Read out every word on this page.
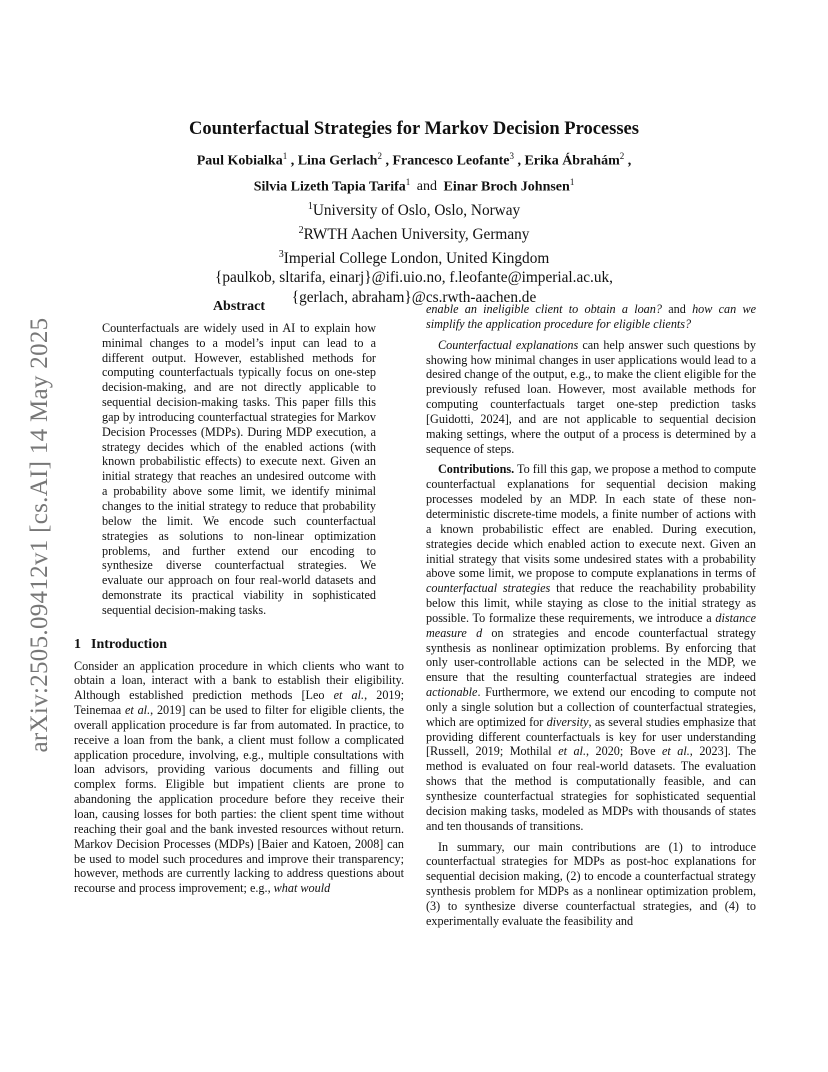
arXiv:2505.09412v1 [cs.AI] 14 May 2025
Counterfactual Strategies for Markov Decision Processes
Paul Kobialka$^1$ , Lina Gerlach$^2$ , Francesco Leofante$^3$ , Erika Ábrahám$^2$ ,
Silvia Lizeth Tapia Tarifa$^1$ and Einar Broch Johnsen$^1$
$^1$University of Oslo, Oslo, Norway
$^2$RWTH Aachen University, Germany
$^3$Imperial College London, United Kingdom
{paulkob, sltarifa, einarj}@ifi.uio.no, f.leofante@imperial.ac.uk,
{gerlach, abraham}@cs.rwth-aachen.de
Abstract

Counterfactuals are widely used in AI to explain how minimal changes to a model’s input can lead to a different output. However, established methods for computing counterfactuals typically focus on one-step decision-making, and are not directly applicable to sequential decision-making tasks. This paper fills this gap by introducing counterfactual strategies for Markov Decision Processes (MDPs). During MDP execution, a strategy decides which of the enabled actions (with known probabilistic effects) to execute next. Given an initial strategy that reaches an undesired outcome with a probability above some limit, we identify minimal changes to the initial strategy to reduce that probability below the limit. We encode such counterfactual strategies as solutions to non-linear optimization problems, and further extend our encoding to synthesize diverse counterfactual strategies. We evaluate our approach on four real-world datasets and demonstrate its practical viability in sophisticated sequential decision-making tasks.

1 Introduction

Consider an application procedure in which clients who want to obtain a loan, interact with a bank to establish their eligibility. Although established prediction methods [Leo et al., 2019; Teinemaa et al., 2019] can be used to filter for eligible clients, the overall application procedure is far from automated. In practice, to receive a loan from the bank, a client must follow a complicated application procedure, involving, e.g., multiple consultations with loan advisors, providing various documents and filling out complex forms. Eligible but impatient clients are prone to abandoning the application procedure before they receive their loan, causing losses for both parties: the client spent time without reaching their goal and the bank invested resources without return. Markov Decision Processes (MDPs) [Baier and Katoen, 2008] can be used to model such procedures and improve their transparency; however, methods are currently lacking to address questions about recourse and process improvement; e.g., what would

enable an ineligible client to obtain a loan? and how can we simplify the application procedure for eligible clients?

Counterfactual explanations can help answer such questions by showing how minimal changes in user applications would lead to a desired change of the output, e.g., to make the client eligible for the previously refused loan. However, most available methods for computing counterfactuals target one-step prediction tasks [Guidotti, 2024], and are not applicable to sequential decision making settings, where the output of a process is determined by a sequence of steps.

Contributions. To fill this gap, we propose a method to compute counterfactual explanations for sequential decision making processes modeled by an MDP. In each state of these non-deterministic discrete-time models, a finite number of actions with a known probabilistic effect are enabled. During execution, strategies decide which enabled action to execute next. Given an initial strategy that visits some undesired states with a probability above some limit, we propose to compute explanations in terms of counterfactual strategies that reduce the reachability probability below this limit, while staying as close to the initial strategy as possible. To formalize these requirements, we introduce a distance measure d on strategies and encode counterfactual strategy synthesis as nonlinear optimization problems. By enforcing that only user-controllable actions can be selected in the MDP, we ensure that the resulting counterfactual strategies are indeed actionable. Furthermore, we extend our encoding to compute not only a single solution but a collection of counterfactual strategies, which are optimized for diversity, as several studies emphasize that providing different counterfactuals is key for user understanding [Russell, 2019; Mothilal et al., 2020; Bove et al., 2023]. The method is evaluated on four real-world datasets. The evaluation shows that the method is computationally feasible, and can synthesize counterfactual strategies for sophisticated sequential decision making tasks, modeled as MDPs with thousands of states and ten thousands of transitions.

In summary, our main contributions are (1) to introduce counterfactual strategies for MDPs as post-hoc explanations for sequential decision making, (2) to encode a counterfactual strategy synthesis problem for MDPs as a nonlinear optimization problem, (3) to synthesize diverse counterfactual strategies, and (4) to experimentally evaluate the feasibility and
